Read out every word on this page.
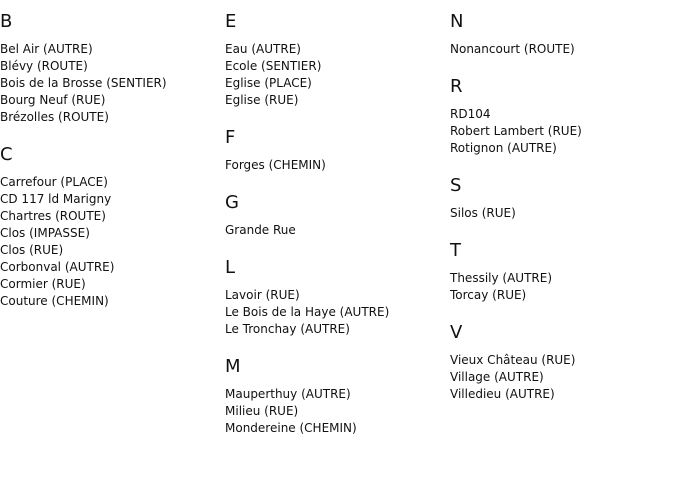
B
Bel Air (AUTRE)
Blévy (ROUTE)
Bois de la Brosse (SENTIER)
Bourg Neuf (RUE)
Brézolles (ROUTE)
C
Carrefour (PLACE)
CD 117 ld Marigny
Chartres (ROUTE)
Clos (IMPASSE)
Clos (RUE)
Corbonval (AUTRE)
Cormier (RUE)
Couture (CHEMIN)
E
Eau (AUTRE)
Ecole (SENTIER)
Eglise (PLACE)
Eglise (RUE)
F
Forges (CHEMIN)
G
Grande Rue
L
Lavoir (RUE)
Le Bois de la Haye (AUTRE)
Le Tronchay (AUTRE)
M
Mauperthuy (AUTRE)
Milieu (RUE)
Mondereine (CHEMIN)
N
Nonancourt (ROUTE)
R
RD104
Robert Lambert (RUE)
Rotignon (AUTRE)
S
Silos (RUE)
T
Thessily (AUTRE)
Torcay (RUE)
V
Vieux Château (RUE)
Village (AUTRE)
Villedieu (AUTRE)
